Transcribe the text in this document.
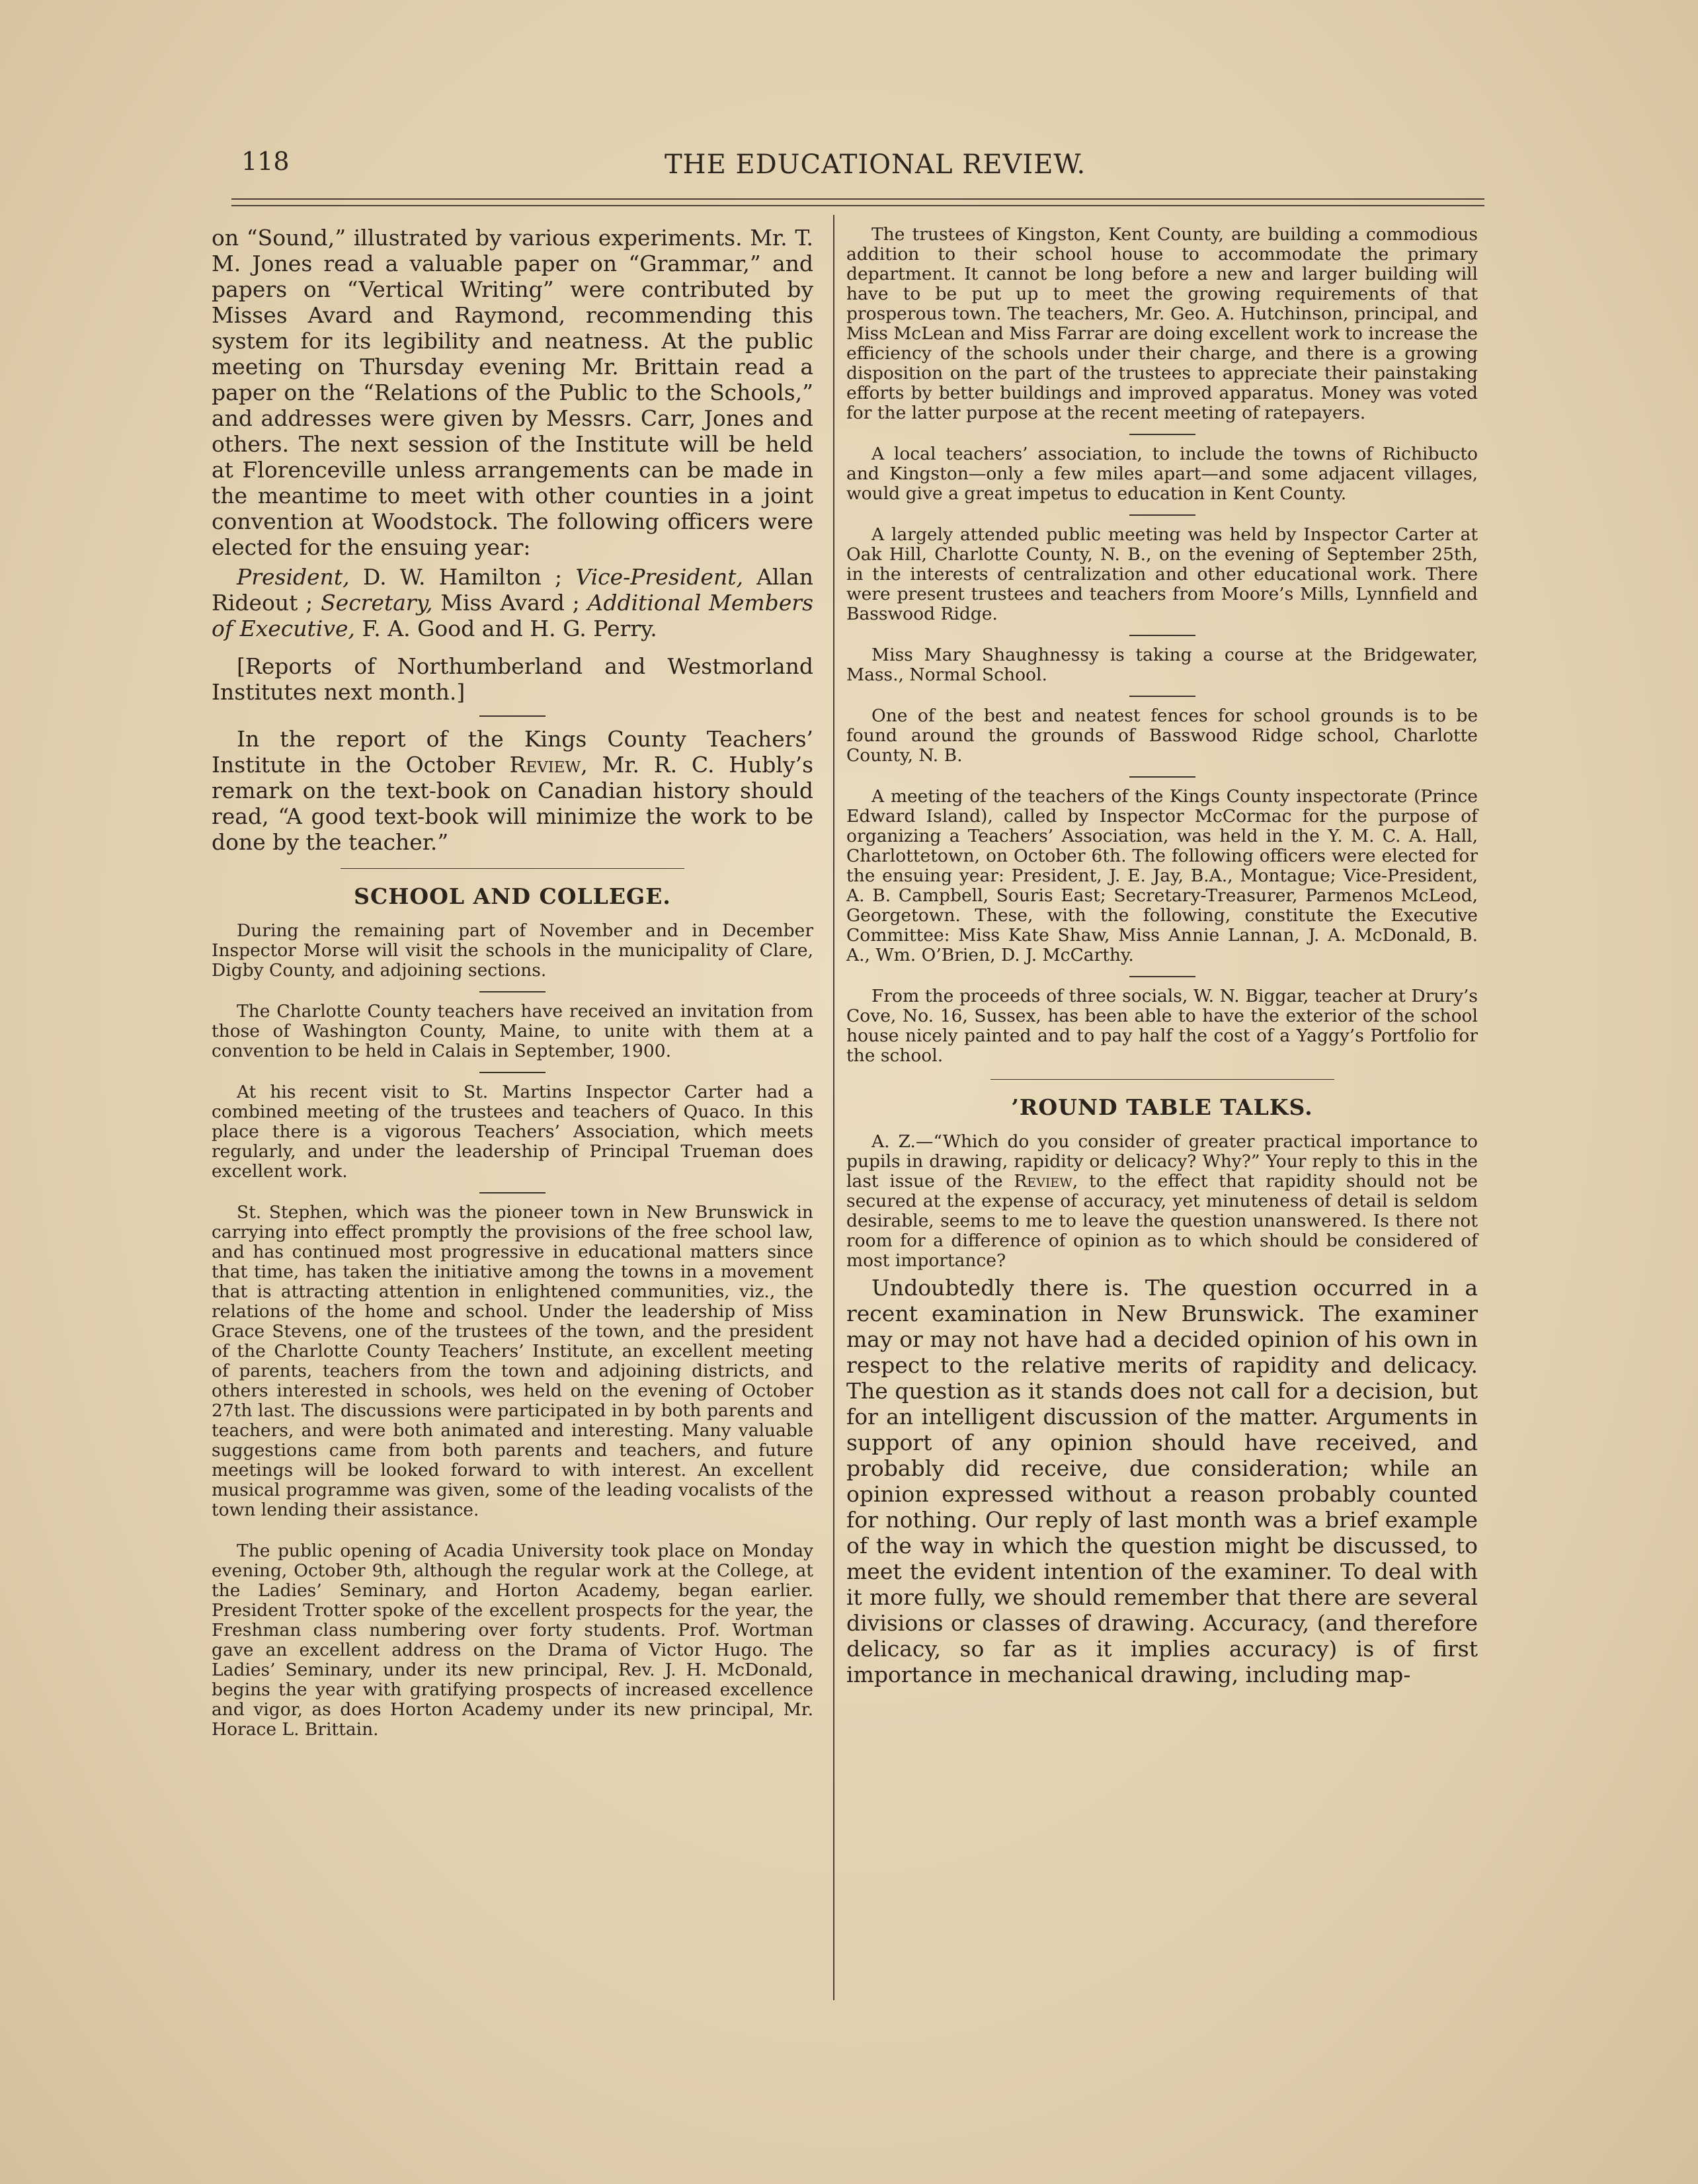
118	THE EDUCATIONAL REVIEW.

on “Sound,” illustrated by various experiments. Mr. T. M. Jones read a valuable paper on “Grammar,” and papers on “Vertical Writing” were contributed by Misses Avard and Raymond, recommending this system for its legibility and neatness. At the public meeting on Thursday evening Mr. Brittain read a paper on the “Relations of the Public to the Schools,” and addresses were given by Messrs. Carr, Jones and others. The next session of the Institute will be held at Florenceville unless arrangements can be made in the meantime to meet with other counties in a joint convention at Woodstock. The following officers were elected for the ensuing year:

President, D. W. Hamilton ; Vice-President, Allan Rideout ; Secretary, Miss Avard ; Additional Members of Executive, F. A. Good and H. G. Perry.

[Reports of Northumberland and Westmorland Institutes next month.]

In the report of the Kings County Teachers’ Institute in the October Review, Mr. R. C. Hubly’s remark on the text-book on Canadian history should read, “A good text-book will minimize the work to be done by the teacher.”

SCHOOL AND COLLEGE.

During the remaining part of November and in December Inspector Morse will visit the schools in the municipality of Clare, Digby County, and adjoining sections.

The Charlotte County teachers have received an invitation from those of Washington County, Maine, to unite with them at a convention to be held in Calais in September, 1900.

At his recent visit to St. Martins Inspector Carter had a combined meeting of the trustees and teachers of Quaco. In this place there is a vigorous Teachers’ Association, which meets regularly, and under the leadership of Principal Trueman does excellent work.

St. Stephen, which was the pioneer town in New Brunswick in carrying into effect promptly the provisions of the free school law, and has continued most progressive in educational matters since that time, has taken the initiative among the towns in a movement that is attracting attention in enlightened communities, viz., the relations of the home and school. Under the leadership of Miss Grace Stevens, one of the trustees of the town, and the president of the Charlotte County Teachers’ Institute, an excellent meeting of parents, teachers from the town and adjoining districts, and others interested in schools, wes held on the evening of October 27th last. The discussions were participated in by both parents and teachers, and were both animated and interesting. Many valuable suggestions came from both parents and teachers, and future meetings will be looked forward to with interest. An excellent musical programme was given, some of the leading vocalists of the town lending their assistance.

The public opening of Acadia University took place on Monday evening, October 9th, although the regular work at the College, at the Ladies’ Seminary, and Horton Academy, began earlier. President Trotter spoke of the excellent prospects for the year, the Freshman class numbering over forty students. Prof. Wortman gave an excellent address on the Drama of Victor Hugo. The Ladies’ Seminary, under its new principal, Rev. J. H. McDonald, begins the year with gratifying prospects of increased excellence and vigor, as does Horton Academy under its new principal, Mr. Horace L. Brittain.

The trustees of Kingston, Kent County, are building a commodious addition to their school house to accommodate the primary department. It cannot be long before a new and larger building will have to be put up to meet the growing requirements of that prosperous town. The teachers, Mr. Geo. A. Hutchinson, principal, and Miss McLean and Miss Farrar are doing excellent work to increase the efficiency of the schools under their charge, and there is a growing disposition on the part of the trustees to appreciate their painstaking efforts by better buildings and improved apparatus. Money was voted for the latter purpose at the recent meeting of ratepayers.

A local teachers’ association, to include the towns of Richibucto and Kingston—only a few miles apart—and some adjacent villages, would give a great impetus to education in Kent County.

A largely attended public meeting was held by Inspector Carter at Oak Hill, Charlotte County, N. B., on the evening of September 25th, in the interests of centralization and other educational work. There were present trustees and teachers from Moore’s Mills, Lynnfield and Basswood Ridge.

Miss Mary Shaughnessy is taking a course at the Bridgewater, Mass., Normal School.

One of the best and neatest fences for school grounds is to be found around the grounds of Basswood Ridge school, Charlotte County, N. B.

A meeting of the teachers of the Kings County inspectorate (Prince Edward Island), called by Inspector McCormac for the purpose of organizing a Teachers’ Association, was held in the Y. M. C. A. Hall, Charlottetown, on October 6th. The following officers were elected for the ensuing year: President, J. E. Jay, B.A., Montague; Vice-President, A. B. Campbell, Souris East; Secretary-Treasurer, Parmenos McLeod, Georgetown. These, with the following, constitute the Executive Committee: Miss Kate Shaw, Miss Annie Lannan, J. A. McDonald, B. A., Wm. O’Brien, D. J. McCarthy.

From the proceeds of three socials, W. N. Biggar, teacher at Drury’s Cove, No. 16, Sussex, has been able to have the exterior of the school house nicely painted and to pay half the cost of a Yaggy’s Portfolio for the school.

’ROUND TABLE TALKS.

A. Z.—“Which do you consider of greater practical importance to pupils in drawing, rapidity or delicacy? Why?” Your reply to this in the last issue of the Review, to the effect that rapidity should not be secured at the expense of accuracy, yet minuteness of detail is seldom desirable, seems to me to leave the question unanswered. Is there not room for a difference of opinion as to which should be considered of most importance?

Undoubtedly there is. The question occurred in a recent examination in New Brunswick. The examiner may or may not have had a decided opinion of his own in respect to the relative merits of rapidity and delicacy. The question as it stands does not call for a decision, but for an intelligent discussion of the matter. Arguments in support of any opinion should have received, and probably did receive, due consideration; while an opinion expressed without a reason probably counted for nothing. Our reply of last month was a brief example of the way in which the question might be discussed, to meet the evident intention of the examiner. To deal with it more fully, we should remember that there are several divisions or classes of drawing. Accuracy, (and therefore delicacy, so far as it implies accuracy) is of first importance in mechanical drawing, including map-
